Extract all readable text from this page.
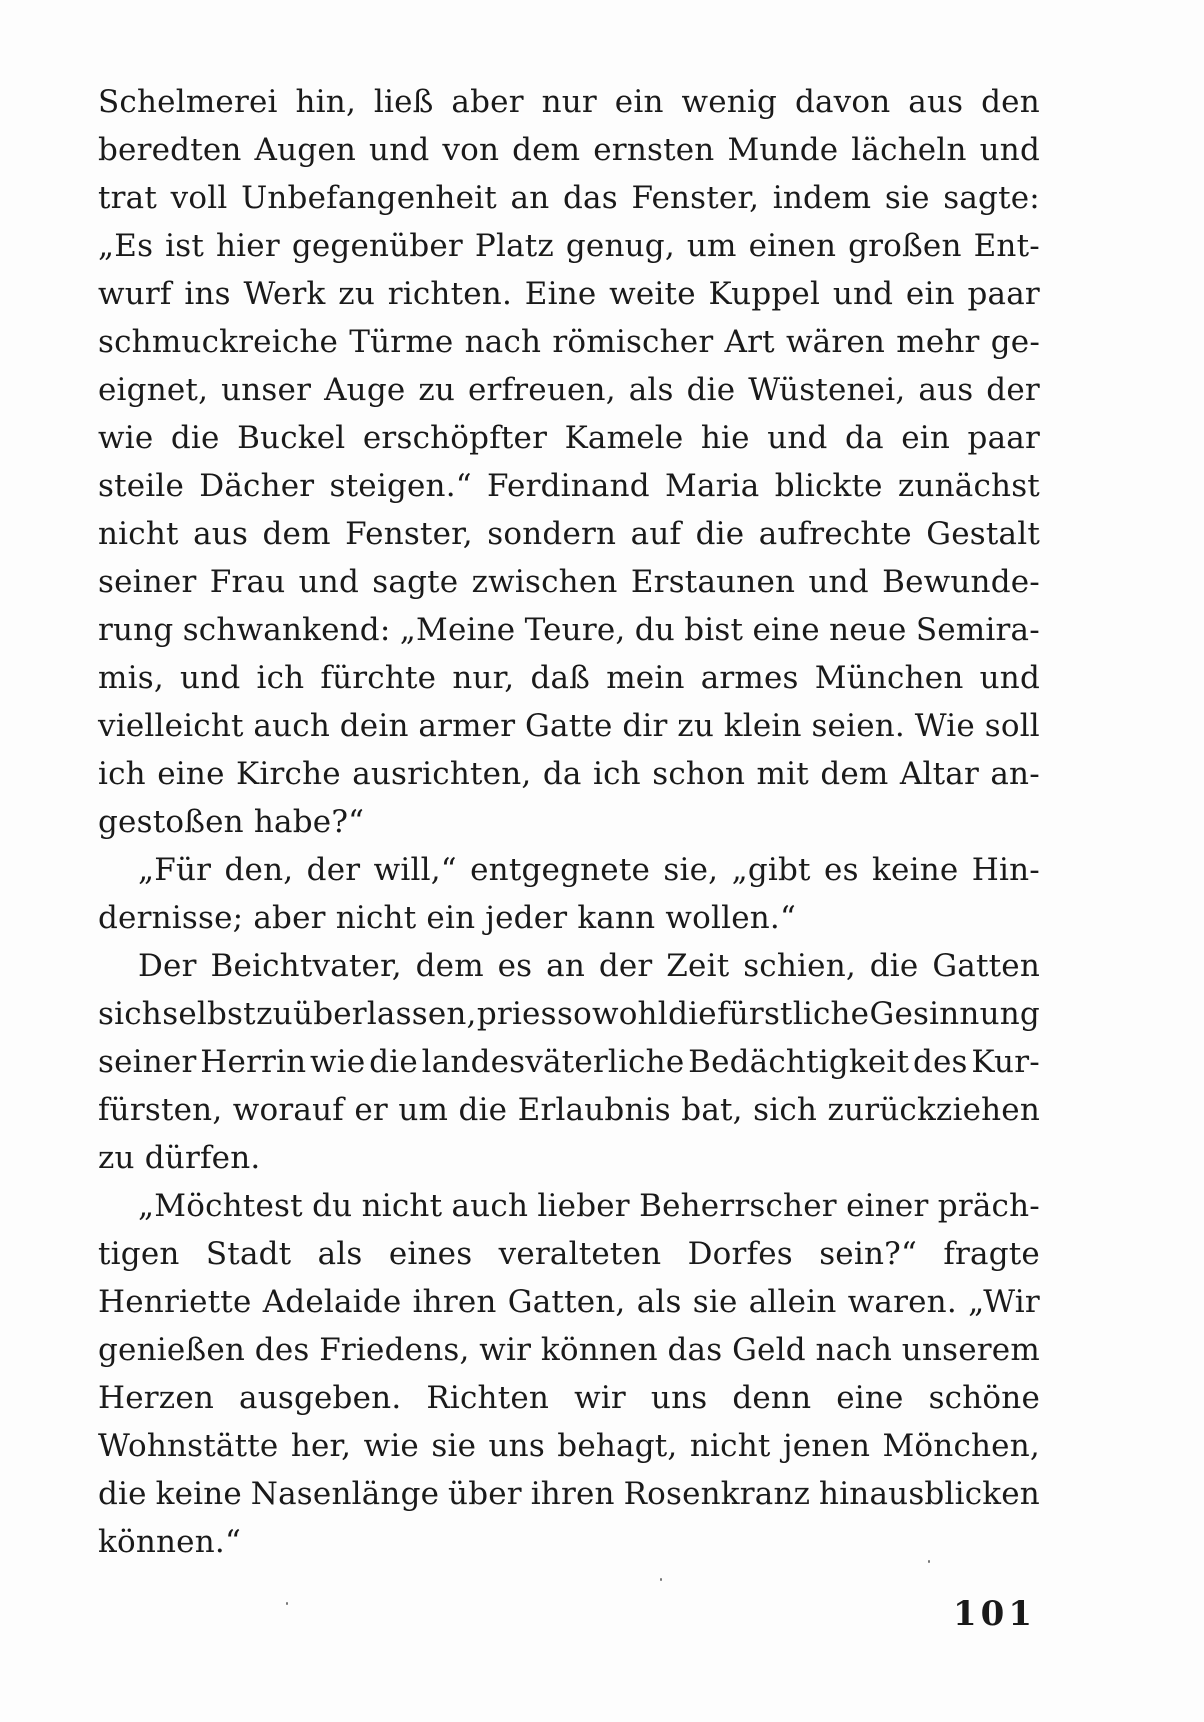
Schelmerei hin, ließ aber nur ein wenig davon aus den
beredten Augen und von dem ernsten Munde lächeln und
trat voll Unbefangenheit an das Fenster, indem sie sagte:
„Es ist hier gegenüber Platz genug, um einen großen Ent-
wurf ins Werk zu richten. Eine weite Kuppel und ein paar
schmuckreiche Türme nach römischer Art wären mehr ge-
eignet, unser Auge zu erfreuen, als die Wüstenei, aus der
wie die Buckel erschöpfter Kamele hie und da ein paar
steile Dächer steigen.“ Ferdinand Maria blickte zunächst
nicht aus dem Fenster, sondern auf die aufrechte Gestalt
seiner Frau und sagte zwischen Erstaunen und Bewunde-
rung schwankend: „Meine Teure, du bist eine neue Semira-
mis, und ich fürchte nur, daß mein armes München und
vielleicht auch dein armer Gatte dir zu klein seien. Wie soll
ich eine Kirche ausrichten, da ich schon mit dem Altar an-
gestoßen habe?“
„Für den, der will,“ entgegnete sie, „gibt es keine Hin-
dernisse; aber nicht ein jeder kann wollen.“
Der Beichtvater, dem es an der Zeit schien, die Gatten
sich selbst zu überlassen, pries sowohl die fürstliche Gesinnung
seiner Herrin wie die landesväterliche Bedächtigkeit des Kur-
fürsten, worauf er um die Erlaubnis bat, sich zurückziehen
zu dürfen.
„Möchtest du nicht auch lieber Beherrscher einer präch-
tigen Stadt als eines veralteten Dorfes sein?“ fragte
Henriette Adelaide ihren Gatten, als sie allein waren. „Wir
genießen des Friedens, wir können das Geld nach unserem
Herzen ausgeben. Richten wir uns denn eine schöne
Wohnstätte her, wie sie uns behagt, nicht jenen Mönchen,
die keine Nasenlänge über ihren Rosenkranz hinausblicken
können.“
101
